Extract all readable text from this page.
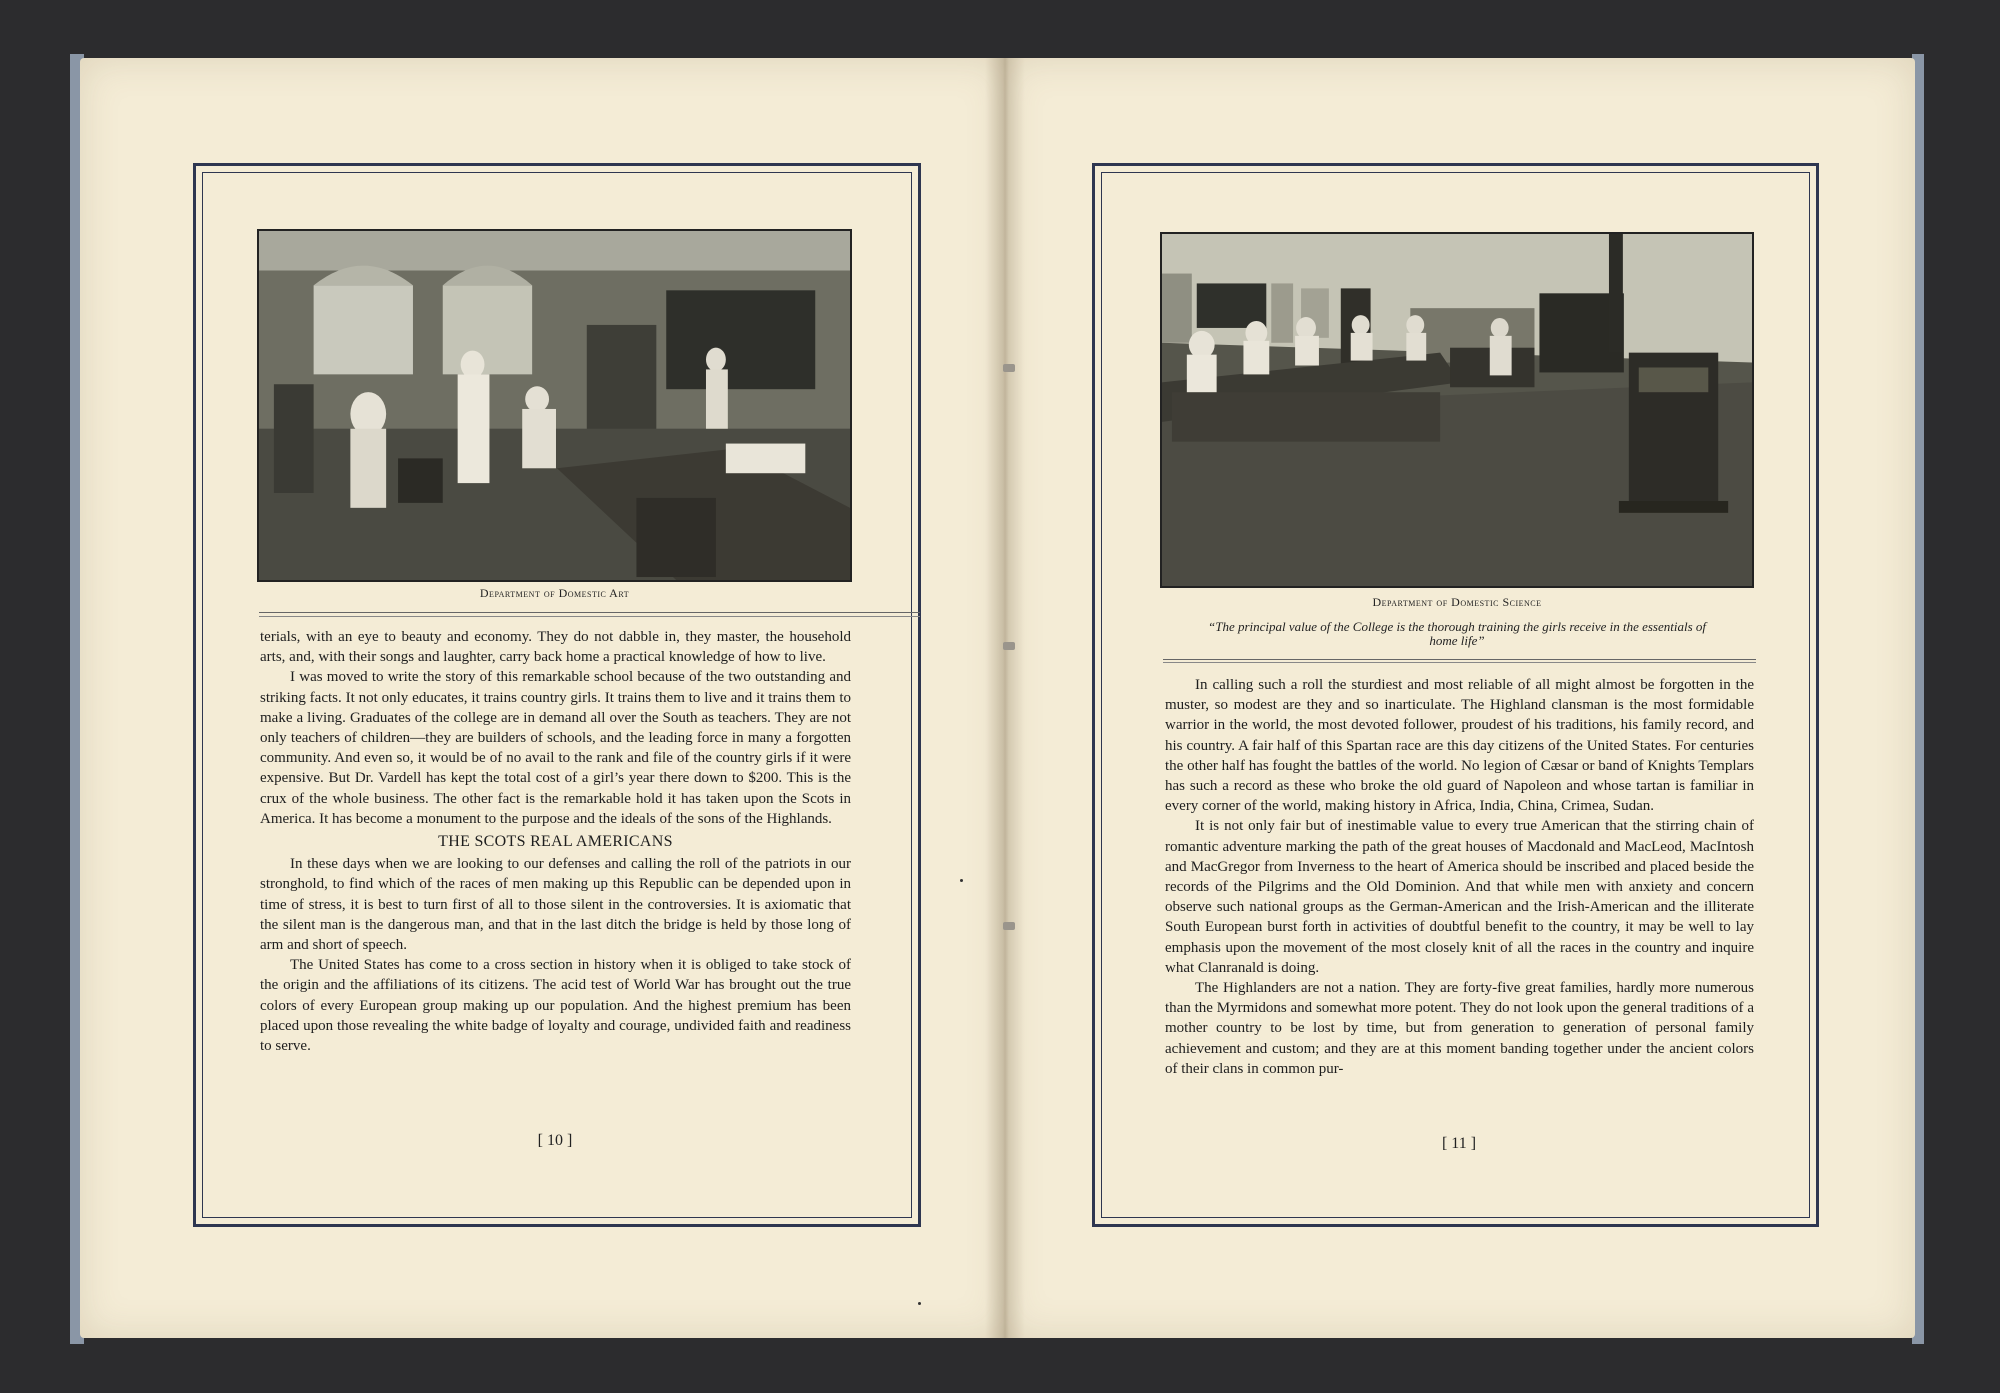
Department of Domestic Art

terials, with an eye to beauty and economy. They do not dabble in, they master, the household arts, and, with their songs and laughter, carry back home a practical knowledge of how to live.

I was moved to write the story of this remarkable school because of the two outstanding and striking facts. It not only educates, it trains country girls. It trains them to live and it trains them to make a living. Graduates of the college are in demand all over the South as teachers. They are not only teachers of children—they are builders of schools, and the leading force in many a forgotten community. And even so, it would be of no avail to the rank and file of the country girls if it were expensive. But Dr. Vardell has kept the total cost of a girl’s year there down to $200. This is the crux of the whole business. The other fact is the remarkable hold it has taken upon the Scots in America. It has become a monument to the purpose and the ideals of the sons of the Highlands.

THE SCOTS REAL AMERICANS

In these days when we are looking to our defenses and calling the roll of the patriots in our stronghold, to find which of the races of men making up this Republic can be depended upon in time of stress, it is best to turn first of all to those silent in the controversies. It is axiomatic that the silent man is the dangerous man, and that in the last ditch the bridge is held by those long of arm and short of speech.

The United States has come to a cross section in history when it is obliged to take stock of the origin and the affiliations of its citizens. The acid test of World War has brought out the true colors of every European group making up our population. And the highest premium has been placed upon those revealing the white badge of loyalty and courage, undivided faith and readiness to serve.

[ 10 ]
Department of Domestic Science
“The principal value of the College is the thorough training the girls receive in the essentials of home life”

In calling such a roll the sturdiest and most reliable of all might almost be forgotten in the muster, so modest are they and so inarticulate. The Highland clansman is the most formidable warrior in the world, the most devoted follower, proudest of his traditions, his family record, and his country. A fair half of this Spartan race are this day citizens of the United States. For centuries the other half has fought the battles of the world. No legion of Cæsar or band of Knights Templars has such a record as these who broke the old guard of Napoleon and whose tartan is familiar in every corner of the world, making history in Africa, India, China, Crimea, Sudan.

It is not only fair but of inestimable value to every true American that the stirring chain of romantic adventure marking the path of the great houses of Macdonald and MacLeod, MacIntosh and MacGregor from Inverness to the heart of America should be inscribed and placed beside the records of the Pilgrims and the Old Dominion. And that while men with anxiety and concern observe such national groups as the German-American and the Irish-American and the illiterate South European burst forth in activities of doubtful benefit to the country, it may be well to lay emphasis upon the movement of the most closely knit of all the races in the country and inquire what Clanranald is doing.

The Highlanders are not a nation. They are forty-five great families, hardly more numerous than the Myrmidons and somewhat more potent. They do not look upon the general traditions of a mother country to be lost by time, but from generation to generation of personal family achievement and custom; and they are at this moment banding together under the ancient colors of their clans in common pur-

[ 11 ]
